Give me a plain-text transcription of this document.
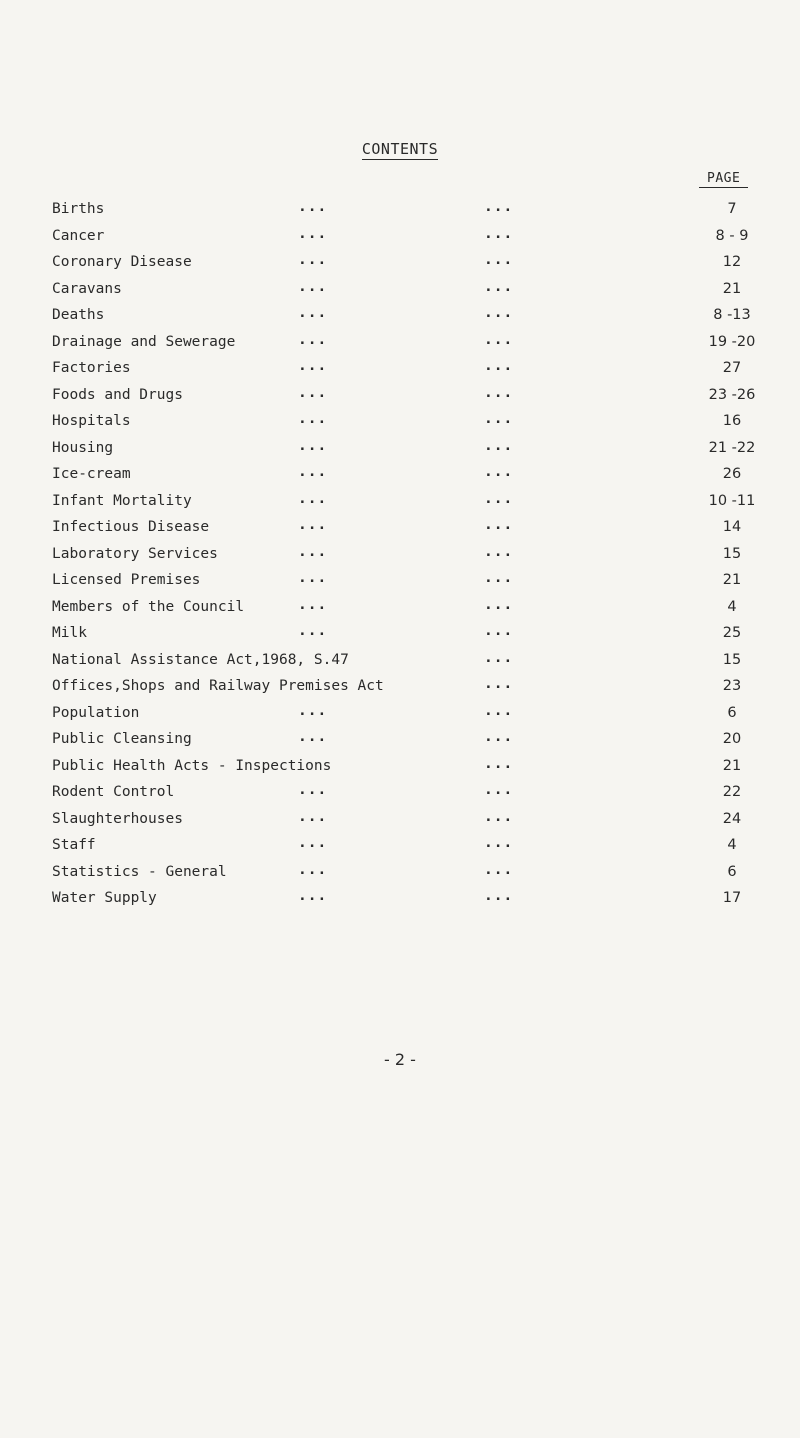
CONTENTS
PAGE
Births	...	...	7
Cancer	...	...	8 - 9
Coronary Disease	...	...	12
Caravans	...	...	21
Deaths	...	...	8 -13
Drainage and Sewerage	...	...	19 -20
Factories	...	...	27
Foods and Drugs	...	...	23 -26
Hospitals	...	...	16
Housing	...	...	21 -22
Ice-cream	...	...	26
Infant Mortality	...	...	10 -11
Infectious Disease	...	...	14
Laboratory Services	...	...	15
Licensed Premises	...	...	21
Members of the Council	...	...	4
Milk	...	...	25
National Assistance Act,1968, S.47	...	15
Offices,Shops and Railway Premises Act	...	23
Population	...	...	6
Public Cleansing	...	...	20
Public Health Acts - Inspections	...	21
Rodent Control	...	...	22
Slaughterhouses	...	...	24
Staff	...	...	4
Statistics - General	...	...	6
Water Supply	...	...	17
- 2 -
